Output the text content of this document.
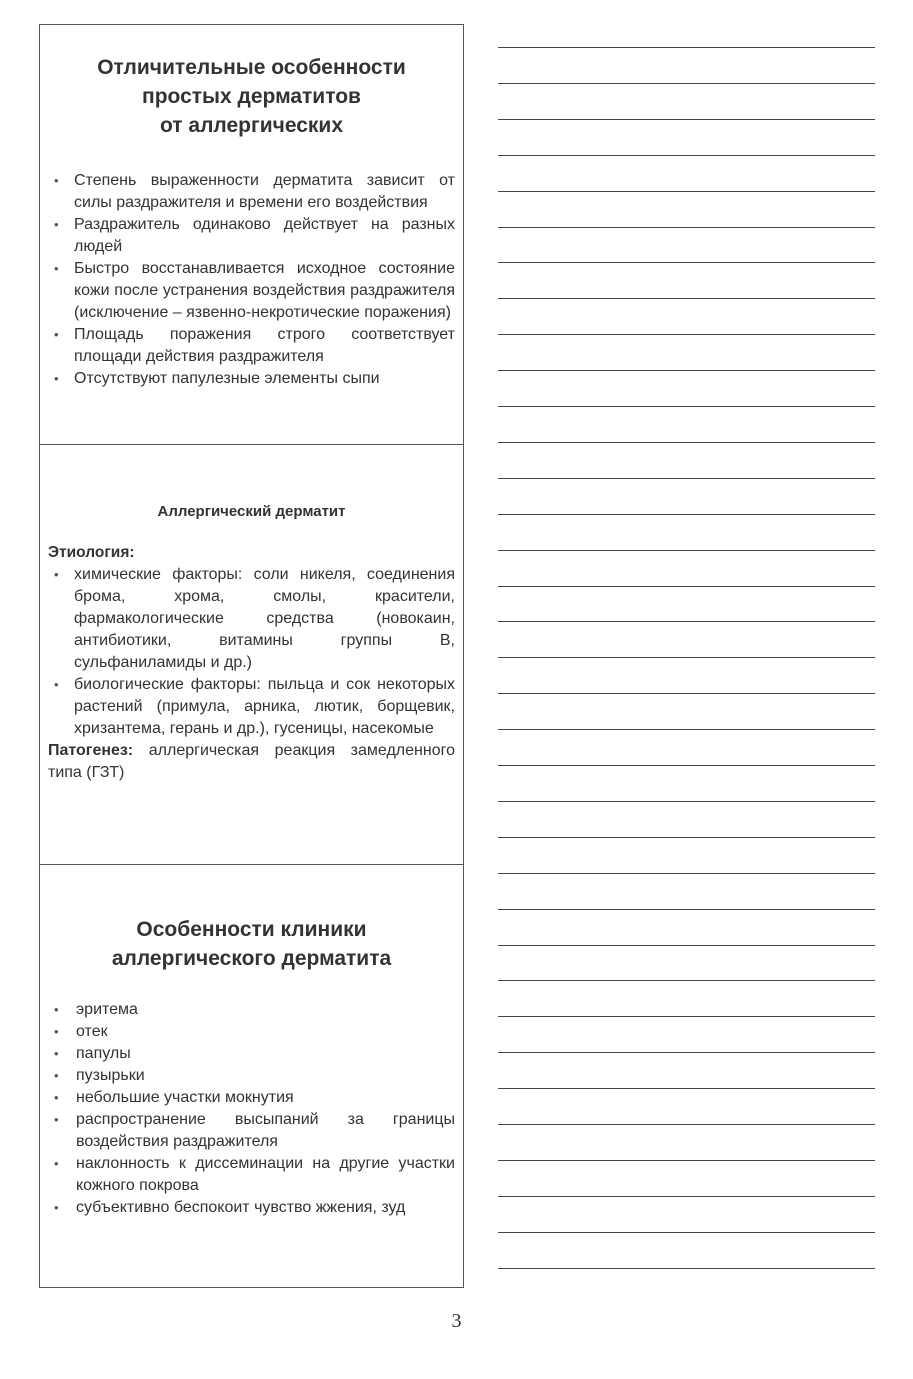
Отличительные особенности
простых дерматитов
от аллергических
• Степень выраженности дерматита зависит от силы раздражителя и времени его воздействия
• Раздражитель одинаково действует на разных людей
• Быстро восстанавливается исходное состояние кожи после устранения воздействия раздражителя (исключение – язвенно-некротические поражения)
• Площадь поражения строго соответствует площади действия раздражителя
• Отсутствуют папулезные элементы сыпи
Аллергический дерматит
Этиология:
• химические факторы: соли никеля, соединения брома, хрома, смолы, красители, фармакологические средства (новокаин, антибиотики, витамины группы В, сульфаниламиды и др.)
• биологические факторы: пыльца и сок некоторых растений (примула, арника, лютик, борщевик, хризантема, герань и др.), гусеницы, насекомые
Патогенез: аллергическая реакция замедленного типа (ГЗТ)
Особенности клиники
аллергического дерматита
• эритема
• отек
• папулы
• пузырьки
• небольшие участки мокнутия
• распространение высыпаний за границы воздействия раздражителя
• наклонность к диссеминации на другие участки кожного покрова
• субъективно беспокоит чувство жжения, зуд
3
